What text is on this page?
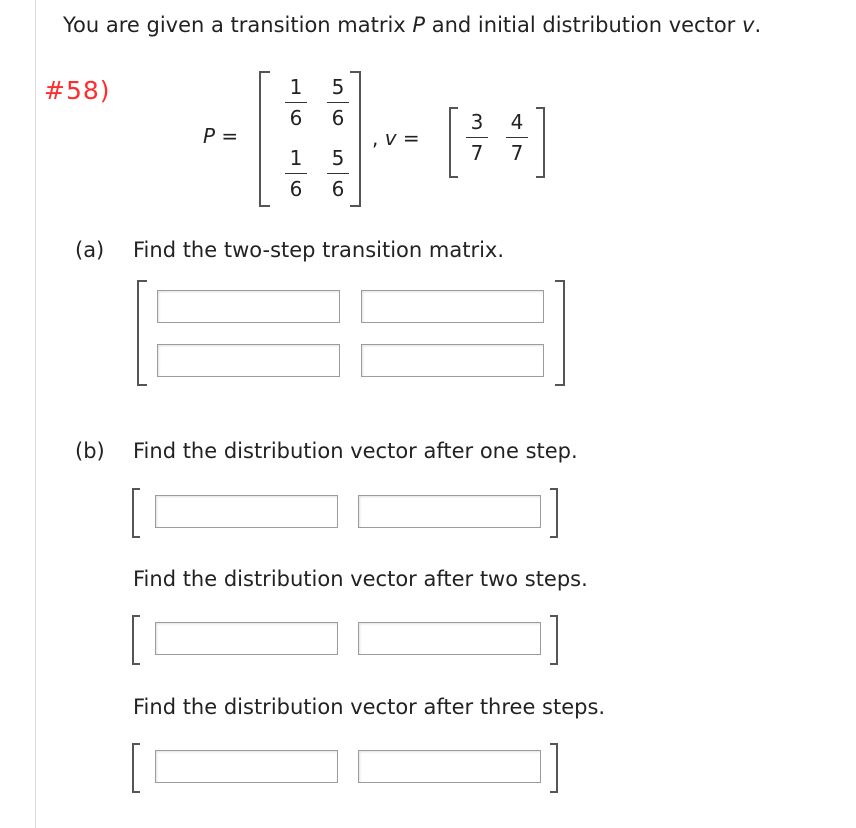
You are given a transition matrix P and initial distribution vector v.
#58)
P =
1
6
5
6
1
6
5
6
, v =
3
7
4
7
(a) Find the two-step transition matrix.
(b) Find the distribution vector after one step.
Find the distribution vector after two steps.
Find the distribution vector after three steps.
